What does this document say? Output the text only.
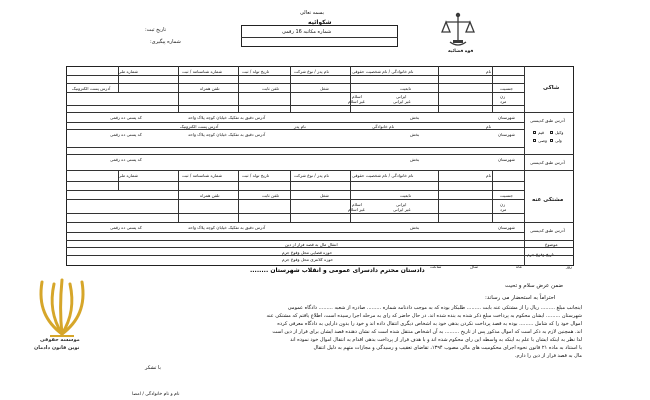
بسمه تعالی
شکوائیه
شماره مکاتبه 16 رقمی
تاریخ ثبت:
شماره پیگیری:
قوه قضائیه
شاکی
آدرس طبق کدپستی
آدرس طبق کدپستی
مشتکی عنه
آدرس طبق کدپستی
موضوع
تاریخ وقوع جرم
نام
نام خانوادگی / نام شخصیت حقوقی
نام پدر / نوع شرکت
تاریخ تولد / ثبت
شماره شناسنامه / ثبت
شماره ملی
جنسیت
تابعیت
شغل
تلفن ثابت
تلفن همراه
آدرس پست الکترونیک
زن
مرد
ایرانی
غیر ایرانی
اسلام
غیر اسلام
شهرستان
بخش
آدرس دقیق به تفکیک خیابان کوچه پلاک واحد
کد پستی ده رقمی
نام
نام خانوادگی
نام پدر
آدرس پست الکترونیک
وکیل
قیم
ولی
وصی
شهرستان
بخش
آدرس دقیق به تفکیک خیابان کوچه پلاک واحد
کد پستی ده رقمی
شهرستان
بخش
کد پستی ده رقمی
نام
نام خانوادگی / نام شخصیت حقوقی
نام پدر / نوع شرکت
تاریخ تولد / ثبت
شماره شناسنامه / ثبت
شماره ملی
جنسیت
تابعیت
شغل
تلفن ثابت
تلفن همراه
زن
مرد
ایرانی
غیر ایرانی
اسلام
غیر اسلام
شهرستان
بخش
آدرس دقیق به تفکیک خیابان کوچه پلاک واحد
کد پستی ده رقمی
انتقال مال به قصد فرار از دین
حوزه قضایی محل وقوع جرم
حوزه کلانتری محل وقوع جرم
روز
ماه
سال
ساعت
دادستان محترم دادسرای عمومی و انقلاب شهرستان ........
ضمن عرض سلام و تحیت
احتراماً به استحضار می رساند:
اینجانب مبلغ ......... ریال را از مشتکی عنه بابت ......... طلبکار بوده که به موجب دادنامه شماره ......... صادره از شعبه ......... دادگاه عمومی
شهرستان ......... ایشان محکوم به پرداخت مبلغ ذکر شده به بنده شده اند. در حال حاضر که رای به مرحله اجرا رسیده است، اطلاع یافتم که مشتکی عنه
اموال خود را که شامل ......... بوده به قصد پرداخت نکردن بدهی خود به اشخاص دیگری انتقال داده اند و خود را بدون دارایی به دادگاه معرفی کرده
اند. همچنین لازم به ذکر است که اموال مذکور پس از تاریخ ......... به آن اشخاص منتقل شده است که نشان دهنده قصد ایشان برای فرار از دین است
لذا نظر به اینکه ایشان با علم به اینکه به واسطه این رای محکوم شده اند و با هدف فرار از پرداخت بدهی اقدام به انتقال اموال خود نموده اند
با استناد به ماده ۲۱ قانون نحوه اجرای محکومیت های مالی مصوب ۱۳۹۴، تقاضای تعقیب و رسیدگی و مجازات متهم به دلیل انتقال
مال به قصد فرار از دین را دارم.
با تشکر
نام و نام خانوادگی / امضا
موسسه حقوقی
نوین قانون دادمان
